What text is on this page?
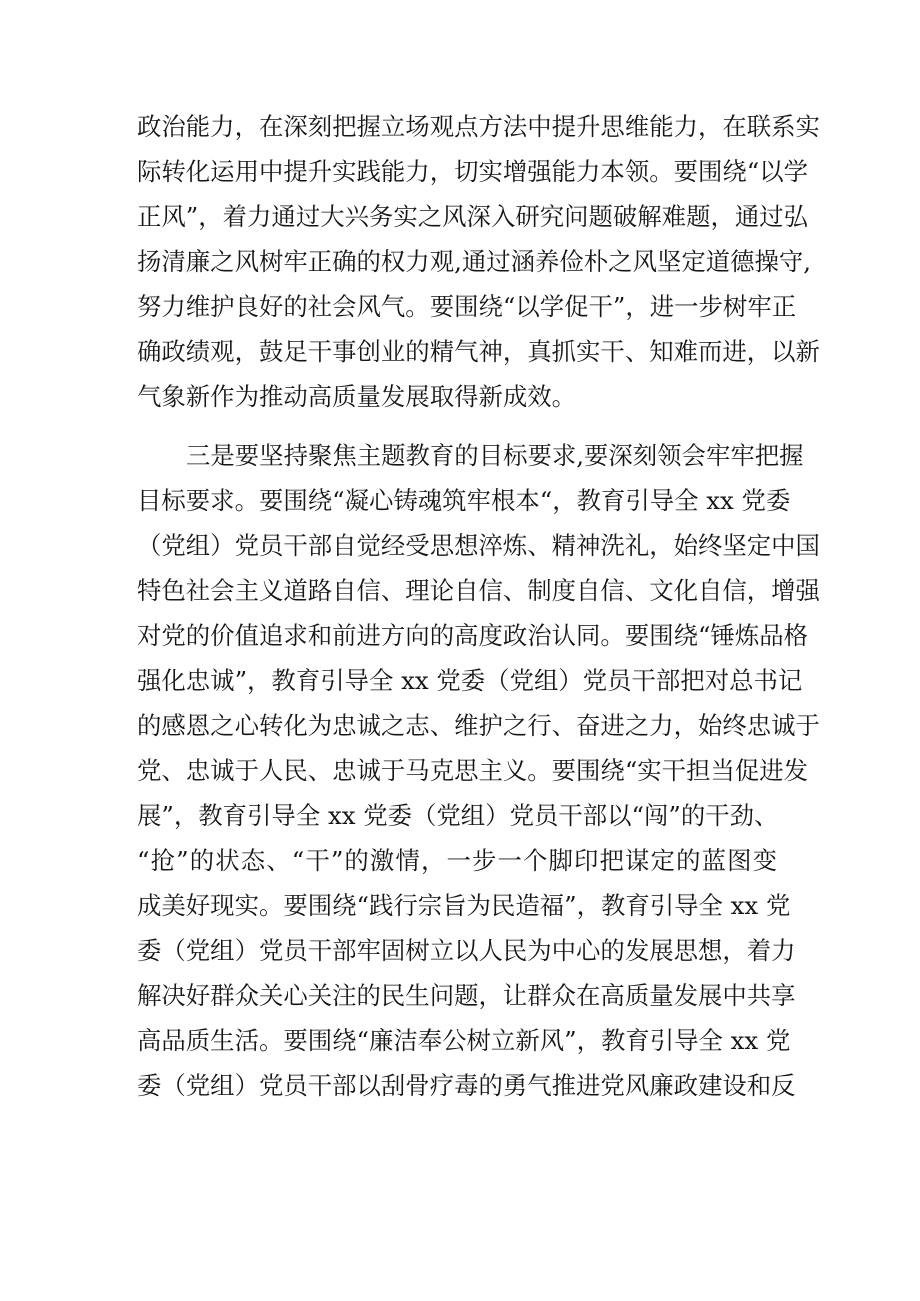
政治能力，在深刻把握立场观点方法中提升思维能力，在联系实
际转化运用中提升实践能力，切实增强能力本领。要围绕“以学
正风”，着力通过大兴务实之风深入研究问题破解难题，通过弘
扬清廉之风树牢正确的权力观,通过涵养俭朴之风坚定道德操守,
努力维护良好的社会风气。要围绕“以学促干”，进一步树牢正
确政绩观，鼓足干事创业的精气神，真抓实干、知难而进，以新
气象新作为推动高质量发展取得新成效。
三是要坚持聚焦主题教育的目标要求,要深刻领会牢牢把握
目标要求。要围绕“凝心铸魂筑牢根本“，教育引导全 xx 党委
（党组）党员干部自觉经受思想淬炼、精神洗礼，始终坚定中国
特色社会主义道路自信、理论自信、制度自信、文化自信，增强
对党的价值追求和前进方向的高度政治认同。要围绕“锤炼品格
强化忠诚”，教育引导全 xx 党委（党组）党员干部把对总书记
的感恩之心转化为忠诚之志、维护之行、奋进之力，始终忠诚于
党、忠诚于人民、忠诚于马克思主义。要围绕“实干担当促进发
展”，教育引导全 xx 党委（党组）党员干部以“闯”的干劲、
“抢”的状态、“干”的激情，一步一个脚印把谋定的蓝图变
成美好现实。要围绕“践行宗旨为民造福”，教育引导全 xx 党
委（党组）党员干部牢固树立以人民为中心的发展思想，着力
解决好群众关心关注的民生问题，让群众在高质量发展中共享
高品质生活。要围绕“廉洁奉公树立新风”，教育引导全 xx 党
委（党组）党员干部以刮骨疗毒的勇气推进党风廉政建设和反
